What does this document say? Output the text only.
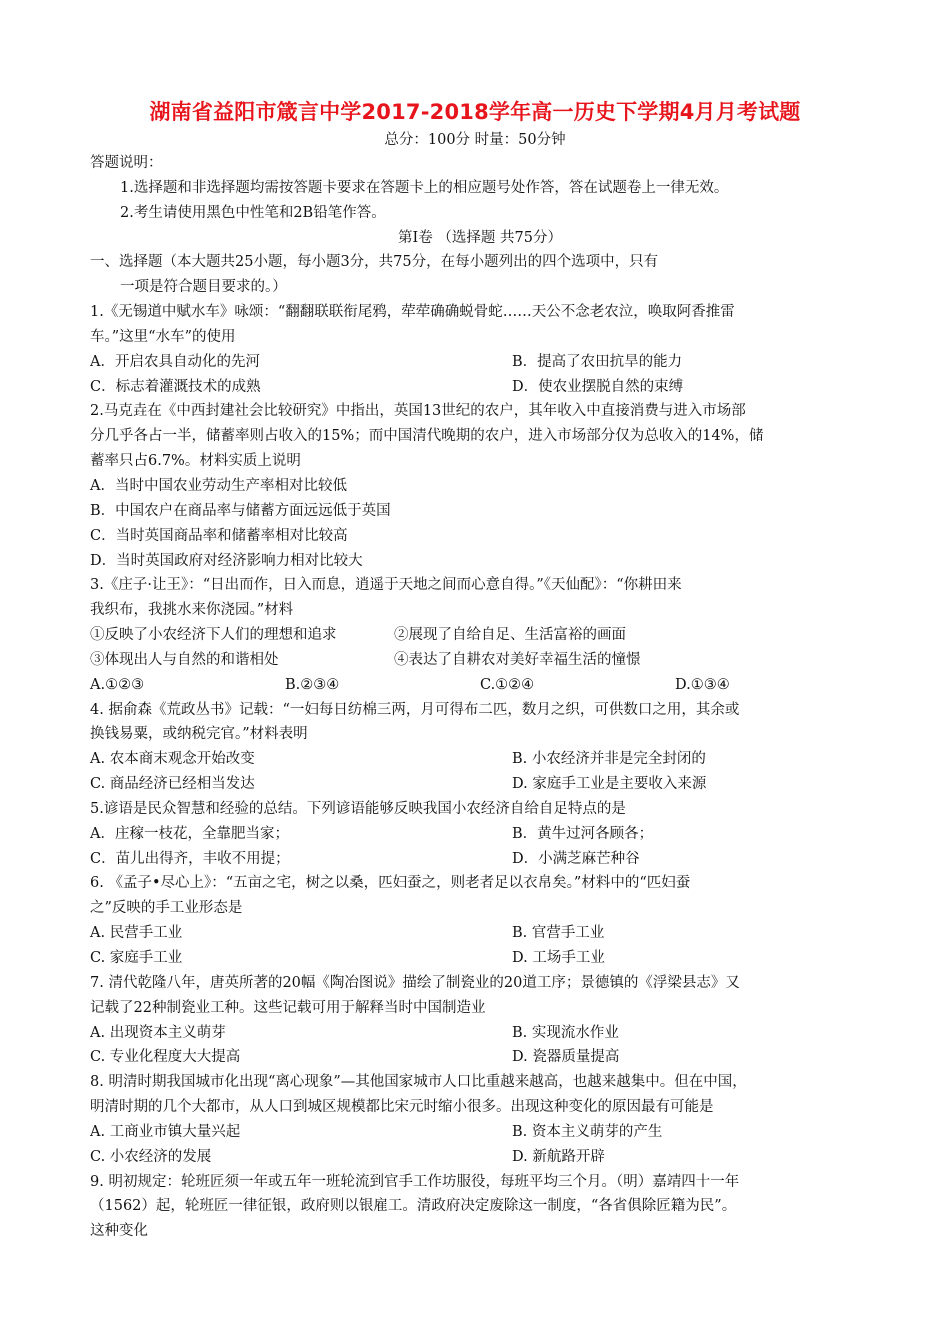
湖南省益阳市箴言中学2017-2018学年高一历史下学期4月月考试题
总分：100分 时量：50分钟
答题说明：
1.选择题和非选择题均需按答题卡要求在答题卡上的相应题号处作答，答在试题卷上一律无效。
2.考生请使用黑色中性笔和2B铅笔作答。
第Ⅰ卷 （选择题 共75分）
一、选择题（本大题共25小题，每小题3分，共75分，在每小题列出的四个选项中，只有
一项是符合题目要求的。）
1.《无锡道中赋水车》咏颂：“翻翻联联衔尾鸦，荦荦确确蜕骨蛇……天公不念老农泣，唤取阿香推雷
车。”这里“水车”的使用
A．开启农具自动化的先河	B．提高了农田抗旱的能力
C．标志着灌溉技术的成熟	D．使农业摆脱自然的束缚
2.马克垚在《中西封建社会比较研究》中指出，英国13世纪的农户，其年收入中直接消费与进入市场部
分几乎各占一半，储蓄率则占收入的15%；而中国清代晚期的农户，进入市场部分仅为总收入的14%，储
蓄率只占6.7%。材料实质上说明
A．当时中国农业劳动生产率相对比较低
B．中国农户在商品率与储蓄方面远远低于英国
C．当时英国商品率和储蓄率相对比较高
D．当时英国政府对经济影响力相对比较大
3.《庄子·让王》：“日出而作，日入而息，逍遥于天地之间而心意自得。”《天仙配》：“你耕田来
我织布，我挑水来你浇园。”材料
①反映了小农经济下人们的理想和追求	②展现了自给自足、生活富裕的画面
③体现出人与自然的和谐相处	④表达了自耕农对美好幸福生活的憧憬
A.①②③	B.②③④	C.①②④	D.①③④
4. 据俞森《荒政丛书》记载：“一妇每日纺棉三两，月可得布二匹，数月之织，可供数口之用，其余或
换钱易粟，或纳税完官。”材料表明
A. 农本商末观念开始改变	B. 小农经济并非是完全封闭的
C. 商品经济已经相当发达	D. 家庭手工业是主要收入来源
5.谚语是民众智慧和经验的总结。下列谚语能够反映我国小农经济自给自足特点的是
A．庄稼一枝花，全靠肥当家；	B．黄牛过河各顾各；
C．苗儿出得齐，丰收不用提；	D．小满芝麻芒种谷
6. 《孟子•尽心上》：“五亩之宅，树之以桑，匹妇蚕之，则老者足以衣帛矣。”材料中的“匹妇蚕
之”反映的手工业形态是
A. 民营手工业	B. 官营手工业
C. 家庭手工业	D. 工场手工业
7. 清代乾隆八年，唐英所著的20幅《陶冶图说》描绘了制瓷业的20道工序；景德镇的《浮梁县志》又
记载了22种制瓷业工种。这些记载可用于解释当时中国制造业
A. 出现资本主义萌芽	B. 实现流水作业
C. 专业化程度大大提高	D. 瓷器质量提高
8. 明清时期我国城市化出现“离心现象”—其他国家城市人口比重越来越高，也越来越集中。但在中国，
明清时期的几个大都市，从人口到城区规模都比宋元时缩小很多。出现这种变化的原因最有可能是
A. 工商业市镇大量兴起	B. 资本主义萌芽的产生
C. 小农经济的发展	D. 新航路开辟
9. 明初规定：轮班匠须一年或五年一班轮流到官手工作坊服役，每班平均三个月。（明）嘉靖四十一年
（1562）起，轮班匠一律征银，政府则以银雇工。清政府决定废除这一制度，“各省俱除匠籍为民”。
这种变化
